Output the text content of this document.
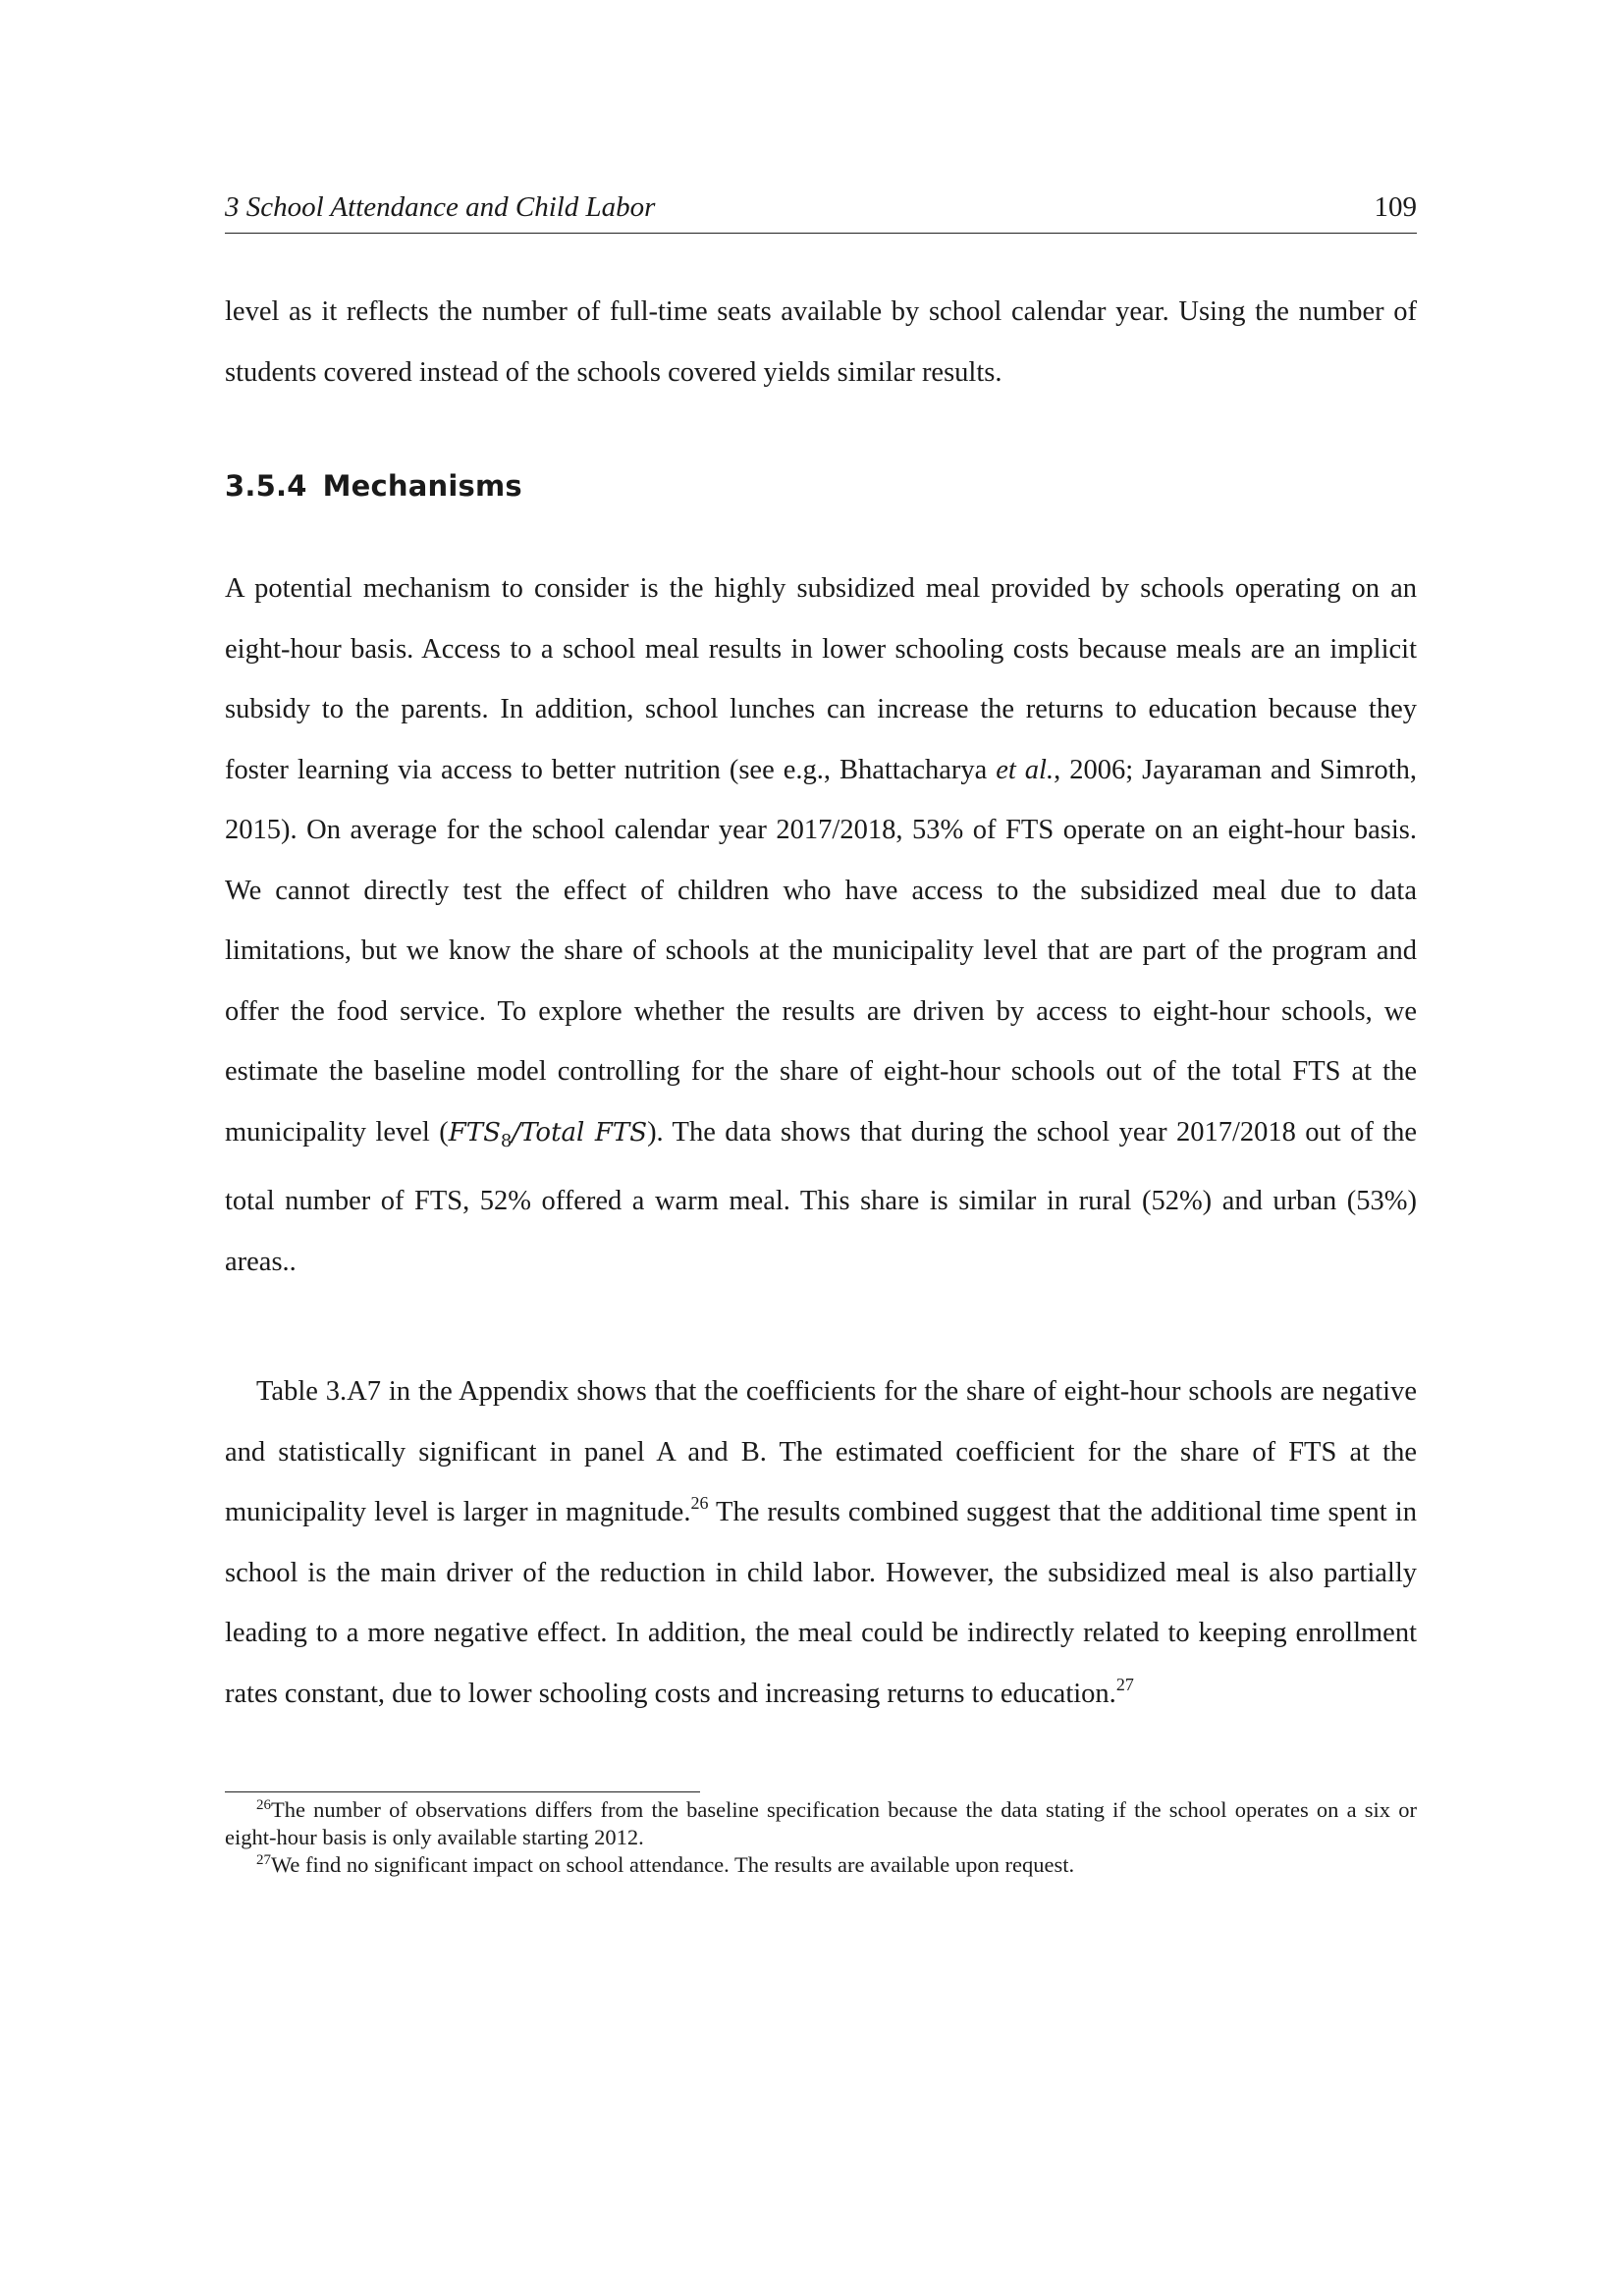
3 School Attendance and Child Labor	109

level as it reflects the number of full-time seats available by school calendar year. Using the number of students covered instead of the schools covered yields similar results.

3.5.4 Mechanisms

A potential mechanism to consider is the highly subsidized meal provided by schools operating on an eight-hour basis. Access to a school meal results in lower schooling costs because meals are an implicit subsidy to the parents. In addition, school lunches can increase the returns to education because they foster learning via access to better nutrition (see e.g., Bhattacharya et al., 2006; Jayaraman and Simroth, 2015). On average for the school calendar year 2017/2018, 53% of FTS operate on an eight-hour basis. We cannot directly test the effect of children who have access to the subsidized meal due to data limitations, but we know the share of schools at the municipality level that are part of the program and offer the food service. To explore whether the results are driven by access to eight-hour schools, we estimate the baseline model controlling for the share of eight-hour schools out of the total FTS at the municipality level ($FTS_8$/Total FTS). The data shows that during the school year 2017/2018 out of the total number of FTS, 52% offered a warm meal. This share is similar in rural (52%) and urban (53%) areas..

Table 3.A7 in the Appendix shows that the coefficients for the share of eight-hour schools are negative and statistically significant in panel A and B. The estimated coefficient for the share of FTS at the municipality level is larger in magnitude.$^{26}$ The results combined suggest that the additional time spent in school is the main driver of the reduction in child labor. However, the subsidized meal is also partially leading to a more negative effect. In addition, the meal could be indirectly related to keeping enrollment rates constant, due to lower schooling costs and increasing returns to education.$^{27}$

$^{26}$The number of observations differs from the baseline specification because the data stating if the school operates on a six or eight-hour basis is only available starting 2012.

$^{27}$We find no significant impact on school attendance. The results are available upon request.
